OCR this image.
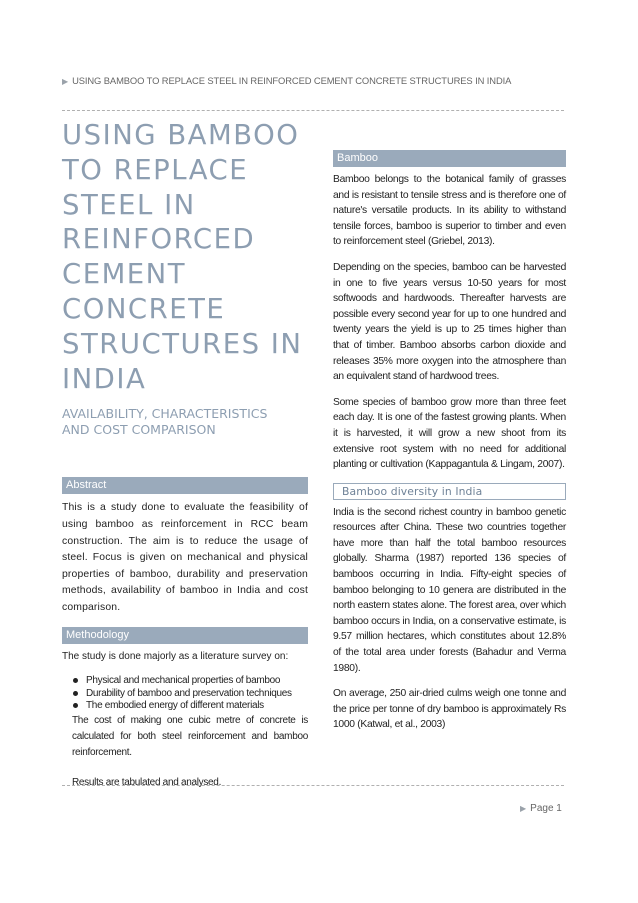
▶ USING BAMBOO TO REPLACE STEEL IN REINFORCED CEMENT CONCRETE STRUCTURES IN INDIA
USING BAMBOO
TO REPLACE
STEEL IN
REINFORCED
CEMENT
CONCRETE
STRUCTURES IN
INDIA
AVAILABILITY, CHARACTERISTICS
AND COST COMPARISON
Abstract

This is a study done to evaluate the feasibility of using bamboo as reinforcement in RCC beam construction. The aim is to reduce the usage of steel. Focus is given on mechanical and physical properties of bamboo, durability and preservation methods, availability of bamboo in India and cost comparison.

Methodology

The study is done majorly as a literature survey on:

Physical and mechanical properties of bamboo
Durability of bamboo and preservation techniques
The embodied energy of different materials

The cost of making one cubic metre of concrete is calculated for both steel reinforcement and bamboo reinforcement.

Results are tabulated and analysed.

Bamboo

Bamboo belongs to the botanical family of grasses and is resistant to tensile stress and is therefore one of nature's versatile products. In its ability to withstand tensile forces, bamboo is superior to timber and even to reinforcement steel (Griebel, 2013).

Depending on the species, bamboo can be harvested in one to five years versus 10-50 years for most softwoods and hardwoods. Thereafter harvests are possible every second year for up to one hundred and twenty years the yield is up to 25 times higher than that of timber. Bamboo absorbs carbon dioxide and releases 35% more oxygen into the atmosphere than an equivalent stand of hardwood trees.

Some species of bamboo grow more than three feet each day. It is one of the fastest growing plants. When it is harvested, it will grow a new shoot from its extensive root system with no need for additional planting or cultivation (Kappagantula & Lingam, 2007).

Bamboo diversity in India

India is the second richest country in bamboo genetic resources after China. These two countries together have more than half the total bamboo resources globally. Sharma (1987) reported 136 species of bamboos occurring in India. Fifty-eight species of bamboo belonging to 10 genera are distributed in the north eastern states alone. The forest area, over which bamboo occurs in India, on a conservative estimate, is 9.57 million hectares, which constitutes about 12.8% of the total area under forests (Bahadur and Verma 1980).

On average, 250 air-dried culms weigh one tonne and the price per tonne of dry bamboo is approximately Rs 1000 (Katwal, et al., 2003)

▶ Page 1
